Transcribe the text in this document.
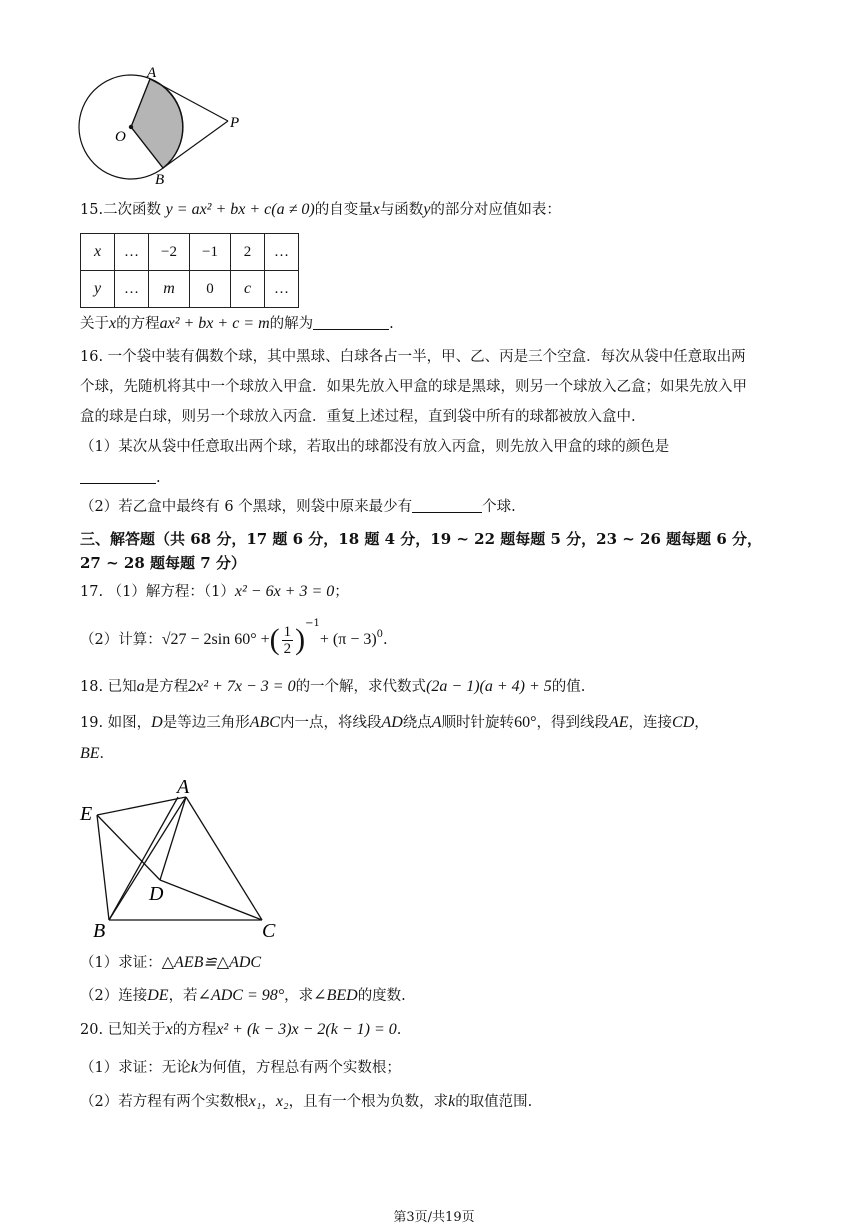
A
O
P
B
15.二次函数 y = ax² + bx + c(a ≠ 0)的自变量x与函数y的部分对应值如表：
x	…	−2	−1	2	…
y	…	m	0	c	…
关于x的方程ax² + bx + c = m的解为	.
16. 一个袋中装有偶数个球，其中黑球、白球各占一半，甲、乙、丙是三个空盒．每次从袋中任意取出两
个球，先随机将其中一个球放入甲盒．如果先放入甲盒的球是黑球，则另一个球放入乙盒；如果先放入甲
盒的球是白球，则另一个球放入丙盒．重复上述过程，直到袋中所有的球都被放入盒中.
（1）某次从袋中任意取出两个球，若取出的球都没有放入丙盒，则先放入甲盒的球的颜色是
.
（2）若乙盒中最终有 6 个黑球，则袋中原来最少有	个球.
三、解答题（共 68 分，17 题 6 分，18 题 4 分，19 ~ 22 题每题 5 分，23 ~ 26 题每题 6 分，
27 ~ 28 题每题 7 分）
17. （1）解方程：（1）x² − 6x + 3 = 0；
（2）计算：√27 − 2sin 60° +( $\frac{1}{2} )^{-1}+ (\pi - 3)^0$.
18. 已知a是方程2x² + 7x − 3 = 0的一个解，求代数式(2a − 1)(a + 4) + 5的值.
19. 如图，D是等边三角形ABC内一点，将线段AD绕点A顺时针旋转60°，得到线段AE，连接CD，
BE．
A
E
D
B	C
（1）求证：△AEB≌△ADC
（2）连接DE，若∠ADC = 98°，求∠BED的度数.
20. 已知关于x的方程x² + (k − 3)x − 2(k − 1) = 0.
（1）求证：无论k为何值，方程总有两个实数根；
（2）若方程有两个实数根x₁，x₂，且有一个根为负数，求k的取值范围.
第3页/共19页
